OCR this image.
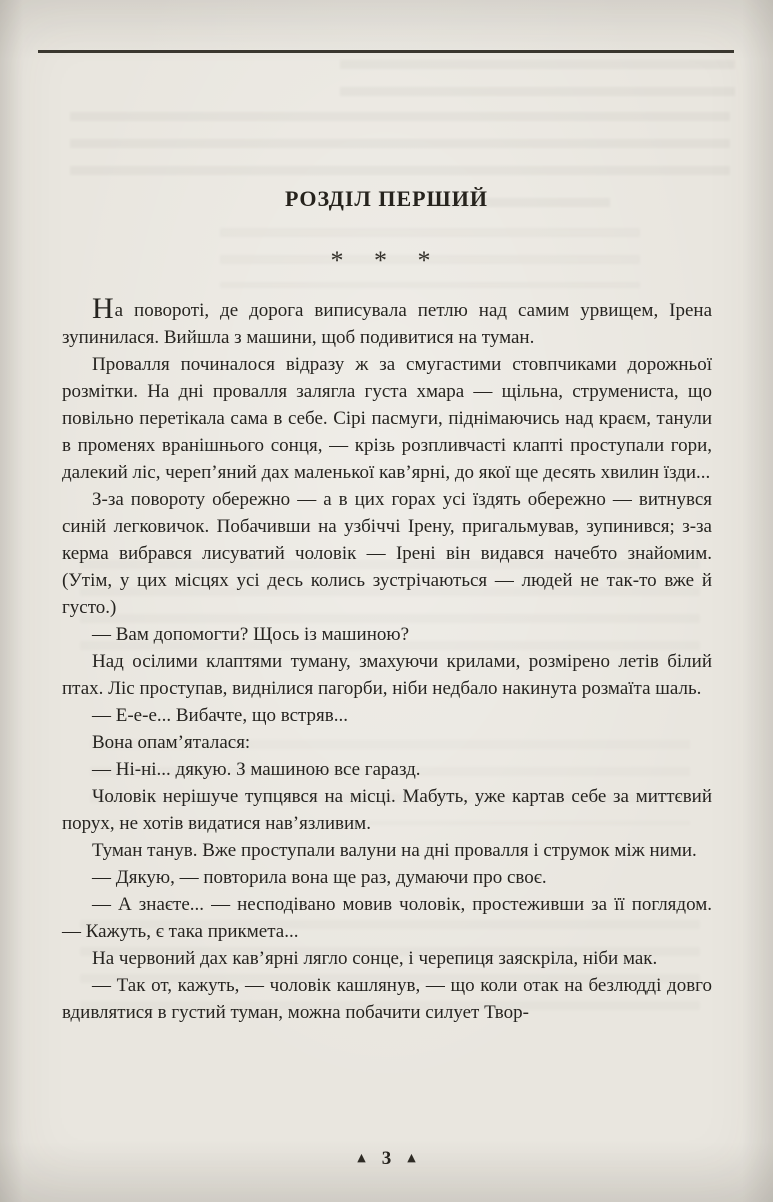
РОЗДІЛ ПЕРШИЙ
* * *

На повороті, де дорога виписувала петлю над самим урвищем, Ірена зупинилася. Вийшла з машини, щоб подивитися на туман.

Провалля починалося відразу ж за смугастими стовпчиками дорожньої розмітки. На дні провалля залягла густа хмара — щільна, струмениста, що повільно перетікала сама в себе. Сірі пасмуги, піднімаючись над краєм, танули в променях вранішнього сонця, — крізь розпливчасті клапті проступали гори, далекий ліс, череп’яний дах маленької кав’ярні, до якої ще десять хвилин їзди...

З-за повороту обережно — а в цих горах усі їздять обережно — витнувся синій легковичок. Побачивши на узбіччі Ірену, пригальмував, зупинився; з-за керма вибрався лисуватий чоловік — Ірені він видався начебто знайомим. (Утім, у цих місцях усі десь колись зустрічаються — людей не так-то вже й густо.)

— Вам допомогти? Щось із машиною?

Над осілими клаптями туману, змахуючи крилами, розмірено летів білий птах. Ліс проступав, виднілися пагорби, ніби недбало накинута розмаїта шаль.

— Е-е-е... Вибачте, що встряв...

Вона опам’яталася:

— Ні-ні... дякую. З машиною все гаразд.

Чоловік нерішуче тупцявся на місці. Мабуть, уже картав себе за миттєвий порух, не хотів видатися нав’язливим.

Туман танув. Вже проступали валуни на дні провалля і струмок між ними.

— Дякую, — повторила вона ще раз, думаючи про своє.

— А знаєте... — несподівано мовив чоловік, простеживши за її поглядом. — Кажуть, є така прикмета...

На червоний дах кав’ярні лягло сонце, і черепиця заяскріла, ніби мак.

— Так от, кажуть, — чоловік кашлянув, — що коли отак на безлюдді довго вдивлятися в густий туман, можна побачити силует Твор-

▲ 3 ▲
